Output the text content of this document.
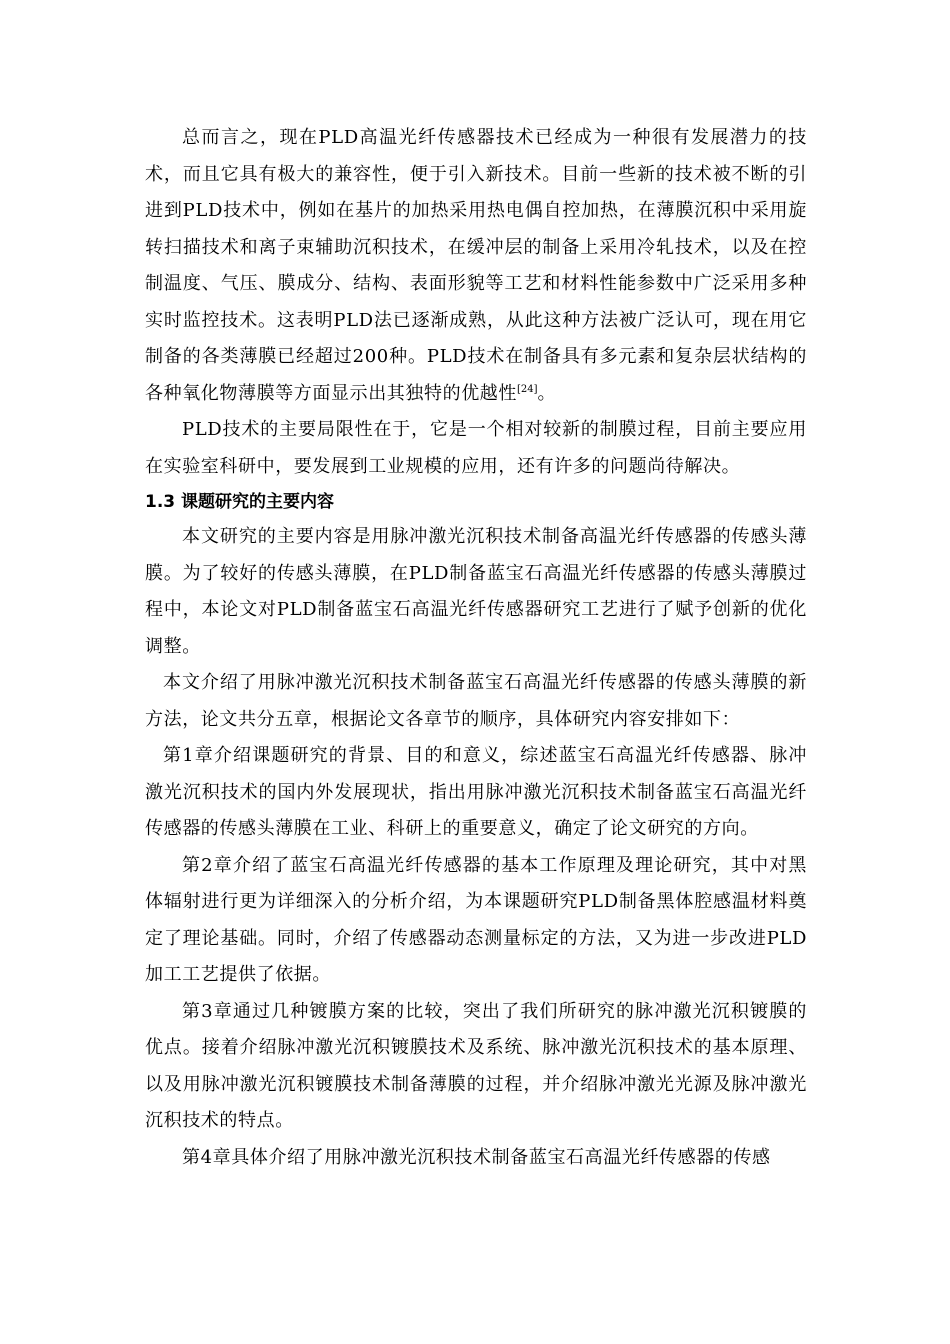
总而言之，现在PLD高温光纤传感器技术已经成为一种很有发展潜力的技术，而且它具有极大的兼容性，便于引入新技术。目前一些新的技术被不断的引进到PLD技术中，例如在基片的加热采用热电偶自控加热，在薄膜沉积中采用旋转扫描技术和离子束辅助沉积技术，在缓冲层的制备上采用冷轧技术，以及在控制温度、气压、膜成分、结构、表面形貌等工艺和材料性能参数中广泛采用多种实时监控技术。这表明PLD法已逐渐成熟，从此这种方法被广泛认可，现在用它制备的各类薄膜已经超过200种。PLD技术在制备具有多元素和复杂层状结构的各种氧化物薄膜等方面显示出其独特的优越性[24]。

PLD技术的主要局限性在于，它是一个相对较新的制膜过程，目前主要应用在实验室科研中，要发展到工业规模的应用，还有许多的问题尚待解决。

1.3 课题研究的主要内容

本文研究的主要内容是用脉冲激光沉积技术制备高温光纤传感器的传感头薄膜。为了较好的传感头薄膜，在PLD制备蓝宝石高温光纤传感器的传感头薄膜过程中，本论文对PLD制备蓝宝石高温光纤传感器研究工艺进行了赋予创新的优化调整。

本文介绍了用脉冲激光沉积技术制备蓝宝石高温光纤传感器的传感头薄膜的新方法，论文共分五章，根据论文各章节的顺序，具体研究内容安排如下：

第1章介绍课题研究的背景、目的和意义，综述蓝宝石高温光纤传感器、脉冲激光沉积技术的国内外发展现状，指出用脉冲激光沉积技术制备蓝宝石高温光纤传感器的传感头薄膜在工业、科研上的重要意义，确定了论文研究的方向。

第2章介绍了蓝宝石高温光纤传感器的基本工作原理及理论研究，其中对黑体辐射进行更为详细深入的分析介绍，为本课题研究PLD制备黑体腔感温材料奠定了理论基础。同时，介绍了传感器动态测量标定的方法，又为进一步改进PLD加工工艺提供了依据。

第3章通过几种镀膜方案的比较，突出了我们所研究的脉冲激光沉积镀膜的优点。接着介绍脉冲激光沉积镀膜技术及系统、脉冲激光沉积技术的基本原理、以及用脉冲激光沉积镀膜技术制备薄膜的过程，并介绍脉冲激光光源及脉冲激光沉积技术的特点。

第4章具体介绍了用脉冲激光沉积技术制备蓝宝石高温光纤传感器的传感
